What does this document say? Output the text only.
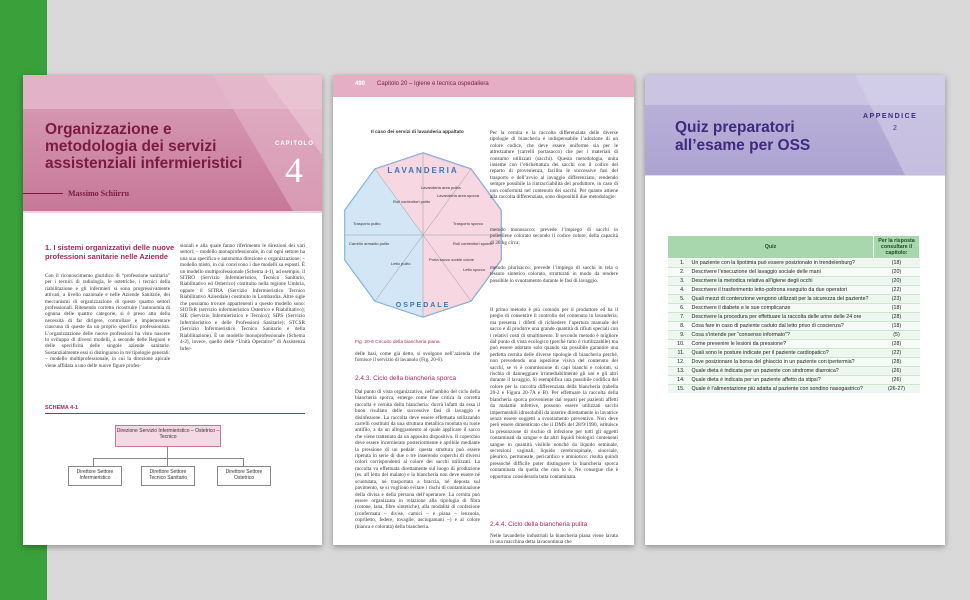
Organizzazione e metodologia dei servizi assistenziali infermieristici
CAPITOLO
4
Massimo Schiirru
1. I sistemi organizzativi delle nuove professioni sanitarie nelle Aziende

Con il riconoscimento giuridico di “professione sanitaria” per i tecnici di radiologia, le ostetriche, i tecnici della riabilitazione e gli infermieri si sono progressivamente attivati, a livello nazionale e nelle Aziende Sanitarie, dei meccanismi di organizzazione di queste quattro settori professionali. Ritenendo corretto ricostruire l’autonomia di ognuna delle quattro categorie, si è preso atto della necessità di far dirigere, controllare e implementare ciascuna di queste da un proprio specifico professionista. L’organizzazione delle nuove professioni ha visto nascere lo sviluppo di diversi modelli, a seconde delle Regioni e delle specificità delle singole aziende sanitarie. Sostanzialmente essi si distinguono in tre tipologie generali: – modello multiprofessionale, in cui la direzione apicale viene affidata a uno delle nuove figure profes-

sionali e alla quale fanno riferimento le direzioni dei vari settori; – modello monoprofessionale, in cui ogni settore ha una sua specifica e autonoma direzione e organizzazione; – modello misto, in cui convivono i due modelli su esposti. È un modello multiprofessionale (Schema 4-1), ad esempio, il SITRO (Servizio Infermieristico, Tecnico Sanitario, Riabilitativo ed Ostetrico) costituito nella regione Umbria, oppure il SITRA (Servizio Infermieristico Tecnico Riabilitativo Aziendale) costituito in Lombardia. Altre sigle che possiamo trovare appartenenti a questo modello sono: SIOTeR (servizio infermieristico Ostetrico e Riabilitativo); SIE (Servizio Infermieristico e Tecnico); SIPS (Servizio Infermieristico e delle Professioni Sanitarie); STCSR (Servizio Infermieristico Tecnico Sanitario e della Riabilitazione). È un modello monoprofessionale (Schema 4-2), invece, quello delle “Unità Operative” di Assistenza Infer-

SCHEMA 4-1
Direzione Servizio Infermieristico – Ostetrico – Tecnico
Direttore Settore Infermieristico
Direttore Settore Tecnico Sanitario
Direttore Settore Ostetrico
490 Capitolo 20 – Igiene e tecnica ospedaliera
Il caso dei servizi di lavanderia appaltato
LAVANDERIA
OSPEDALE
Lavanderia area sporca
Roll contenitori pulito
Lavanderia area pulita
Trasporto pulito	Trasporto sporco
Carrello armadio pulito
Letto pulito
Roll contenitori sporco
Porta sacco sodde colore
Letto sporco
Fig. 20-6 Circuito della biancheria piana.

delle basi, come già detto, si svolgono nell’azienda che fornisce il servizio di lavanolo (Fig. 20-6).

2.4.3. Ciclo della biancheria sporca

Dal punto di vista organizzativo, nell’ambito del ciclo della biancheria sporca, emerge come fase critica la corretta raccolta e cernita della biancheria: dovrà infatti da essa il buon risultato delle successive fasi di lavaggio e disinfezione. La raccolta deve essere effettuata utilizzando carrelli costituiti da una struttura metallica montata su ruote antifilo, a da un alloggiamento al quale applicare il sacco che viene trattenuto da un apposito dispositivo. Il coperchio deve essere incernierato posteriormente e apribile mediante la pressione di un pedale: questa struttura può essere ripetuta in serie di due o tre inserendo coperchi di diversi colori corrispondenti al colore dei sacchi utilizzati. La raccolta va effettuata direttamente sul luogo di produzione (es. all letto del malato) e la biancheria non deve essere né scuotutata, né trasportata a braccia, né deposta sul pavimento, se si vogliono evitare i rischi di contaminazione della divisa e della persona dell’operatore. La cernita può essere organizzata in relazione alla tipologia di fibra (cotone, lana, fibre sintetiche), alla modalità di confezione (confermata – divise, camici – e piana – lenzuola, copriletto, federe, tovaglie, asciugamani –) e al colore (bianca e colorata) della biancheria.

Per la cernita e la raccolta differenziata delle diverse tipologie di biancheria è indispensabile l’adozione di un colore codice, che deve essere uniforme sia per le attrezzature (carrelli portasacco) che per i materiali di consumo utilizzati (sacchi). Questa metodologia, unita insieme con l’etichettatura dei sacchi con il codice del reparto di provenienza, facilita le successive fasi del trasporto e dell’avvio al lavaggio differenziato, rendendo sempre possibile la rintracciabilità del produttore, in caso di non conformità nel contenuto dei sacchi. Per quanto attiene alla raccolta differenziata, sono disponibili due metodologie:

metodo monosacco: prevede l’impiego di sacchi in polietilene colorato secondo il codice colore, della capacità di 20 kg circa;

metodo plurisacco: prevede l’impiego di sacchi in tela o tessuto sintetico colorato, strutturati in modo da rendere possibile lo svuotamento durante le fasi di lavaggio.

Il primo metodo è più comodo per il produttore ed ha il pregio di consentire il controllo del contenuto in lavanderia; ma presenta i difetti di richiedere l’apertura manuale del sacco e di produrre una grande quantità di rifiuti speciali con i relativi costi di smaltimento. Il secondo metodo è migliore dal punto di vista ecologico (perché tutto è riutilizzabile) ma può essere adottato solo quando sia possibile garantire una perfetta cernita delle diverse tipologie di biancheria perché, non prevedendo una ispezione visiva del contenuto dei sacchi, se vi è commissione di capi bianchi e colorati, si rischia di danneggiare irrimediabilmente gli uni e gli altri durante il lavaggio. Si esemplifica una possibile codifica del colore per la raccolta differenziata della biancheria (tabella 20-2 e Figura 20-7A e B). Per effettuare la raccolta della biancheria sporca proveniente dai reparti per pazienti affetti da malattie infettive, possono essere utilizzati sacchi impermeabili idrosolubili da inserire direttamente in lavatrice senza essere soggetti a svuotamento preventivo. Non deve però essere dimenticato che il DMS del 28/9/1990, istituisce la presunzione di rischio di infezione per tutti gli oggetti contaminati da sangue e da altri liquidi biologici contenenti sangue in quantità visibile nonché da liquido seminale, secrezioni vaginali, liquido cerebrospinale, sinoviale, pleurico, peritoneale, pericardico e amniotico: risulta quindi pressoché difficile poter distinguere la biancheria sporca contaminata da quella che non lo è. Ne consegue che è opportuno considerarla tutta contaminata.

2.4.4. Ciclo della biancheria pulita

Nelle lavanderie industriali la biancheria piana viene lavata in una macchina detta lavacontinua che

Quiz preparatori all’esame per OSS
APPENDICE
2
Quiz		Per la risposta consultare il capitolo:
1.	Un paziente con la lipotimia può essere posizionato in trendelenburg?	(18)
2.	Descrivere l’esecuzione del lavaggio sociale delle mani	(20)
3.	Descrivere la metodica relativa all’igiene degli occhi	(20)
4.	Descrivere il trasferimento letto-poltrona eseguito da due operatori	(22)
5.	Quali mezzi di contenzione vengono utilizzati per la sicurezza del paziente?	(23)
6.	Descrivere il diabete e le sue complicanze	(18)
7.	Descrivere la procedura per effettuare la raccolta delle urine delle 24 ore	(28)
8.	Cosa fare in caso di paziente caduto dal letto privo di coscienza?	(18)
9.	Cosa s’intende per “consenso informato”?	(5)
10.	Come prevenire le lesioni da pressione?	(28)
11.	Quali sono le posture indicate per il paziente cardiopatico?	(22)
12.	Dove posizionare la borsa del ghiaccio in un paziente con ipertermia?	(28)
13.	Quale dieta è indicata per un paziente con sindrome diarroica?	(26)
14.	Quale dieta è indicata per un paziente affetto da stipsi?	(26)
15.	Quale è l’alimentazione più adatta al paziente con sondino nasogastrico?	(26-27)
